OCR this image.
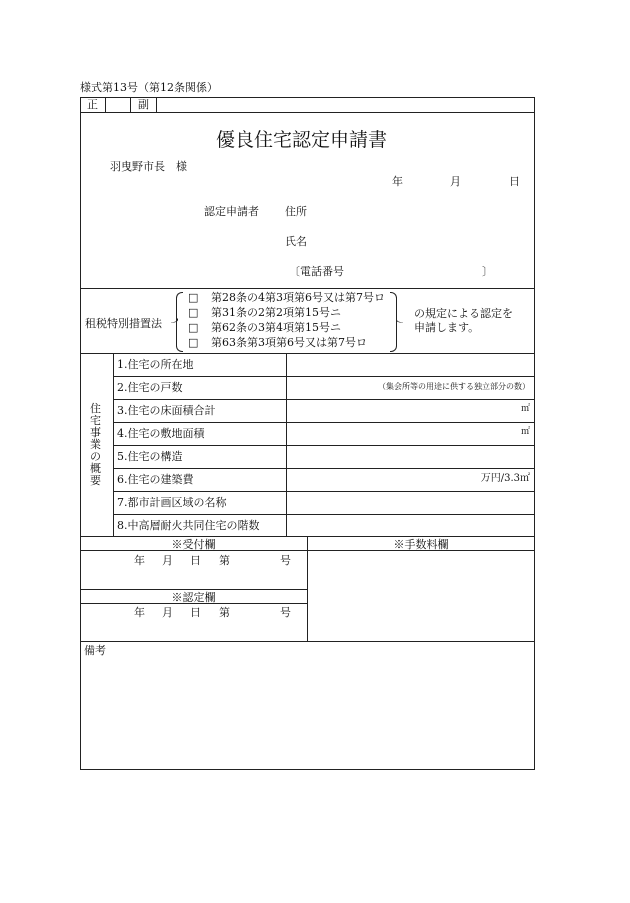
様式第13号（第12条関係）
正	副
優良住宅認定申請書
羽曳野市長　様
年	月	日
認定申請者 住所
氏名
〔電話番号	〕
租税特別措置法
□ 第28条の4第3項第6号又は第7号ロ
□ 第31条の2第2項第15号ニ
□ 第62条の3第4項第15号ニ
□ 第63条第3項第6号又は第7号ロ
の規定による認定を
申請します。
住
宅
事
業
の
概
要
1.住宅の所在地
2.住宅の戸数	（集会所等の用途に供する独立部分の数）
3.住宅の床面積合計	㎡
4.住宅の敷地面積	㎡
5.住宅の構造
6.住宅の建築費	万円/3.3㎡
7.都市計画区域の名称
8.中高層耐火共同住宅の階数
※受付欄	※手数料欄
年 月 日 第	号
※認定欄
年 月 日 第	号
備考
